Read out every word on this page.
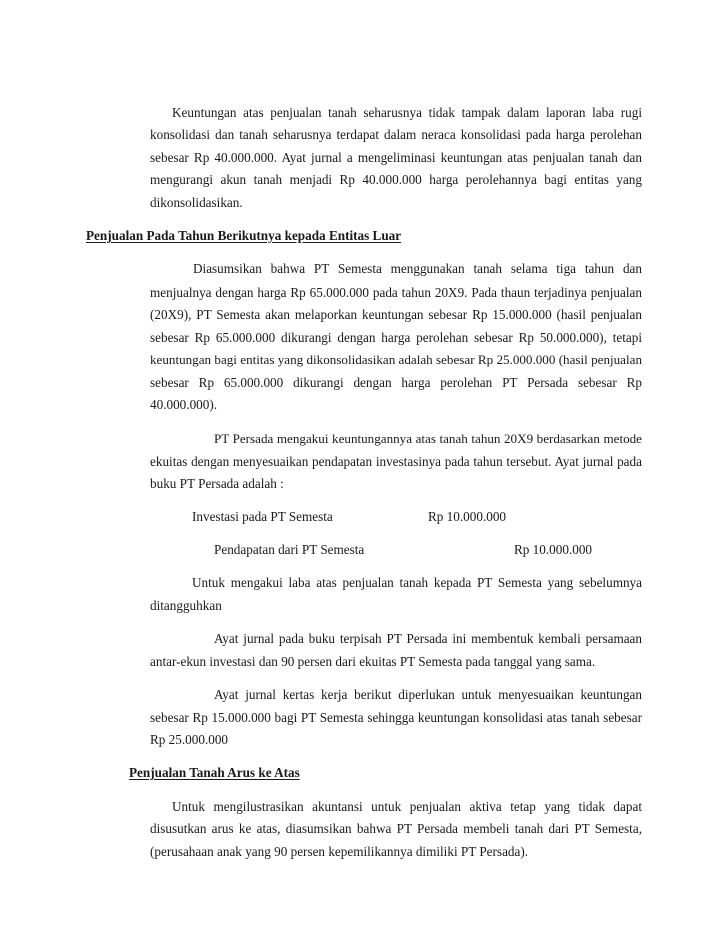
Keuntungan atas penjualan tanah seharusnya tidak tampak dalam laporan laba rugi

konsolidasi dan tanah seharusnya terdapat dalam neraca konsolidasi pada harga perolehan

sebesar Rp 40.000.000. Ayat jurnal a mengeliminasi keuntungan atas penjualan tanah dan

mengurangi akun tanah menjadi Rp 40.000.000 harga perolehannya bagi entitas yang

dikonsolidasikan.

Penjualan Pada Tahun Berikutnya kepada Entitas Luar

Diasumsikan bahwa PT Semesta menggunakan tanah selama tiga tahun dan

menjualnya dengan harga Rp 65.000.000 pada tahun 20X9. Pada thaun terjadinya penjualan

(20X9), PT Semesta akan melaporkan keuntungan sebesar Rp 15.000.000 (hasil penjualan

sebesar Rp 65.000.000 dikurangi dengan harga perolehan sebesar Rp 50.000.000), tetapi

keuntungan bagi entitas yang dikonsolidasikan adalah sebesar Rp 25.000.000 (hasil penjualan

sebesar Rp 65.000.000 dikurangi dengan harga perolehan PT Persada sebesar Rp

40.000.000).

PT Persada mengakui keuntungannya atas tanah tahun 20X9 berdasarkan metode

ekuitas dengan menyesuaikan pendapatan investasinya pada tahun tersebut. Ayat jurnal pada

buku PT Persada adalah :

Investasi pada PT Semesta	Rp 10.000.000

Pendapatan dari PT Semesta	Rp 10.000.000

Untuk mengakui laba atas penjualan tanah kepada PT Semesta yang sebelumnya

ditangguhkan

Ayat jurnal pada buku terpisah PT Persada ini membentuk kembali persamaan

antar-ekun investasi dan 90 persen dari ekuitas PT Semesta pada tanggal yang sama.

Ayat jurnal kertas kerja berikut diperlukan untuk menyesuaikan keuntungan

sebesar Rp 15.000.000 bagi PT Semesta sehingga keuntungan konsolidasi atas tanah sebesar

Rp 25.000.000

Penjualan Tanah Arus ke Atas

Untuk mengilustrasikan akuntansi untuk penjualan aktiva tetap yang tidak dapat

disusutkan arus ke atas, diasumsikan bahwa PT Persada membeli tanah dari PT Semesta,

(perusahaan anak yang 90 persen kepemilikannya dimiliki PT Persada).
